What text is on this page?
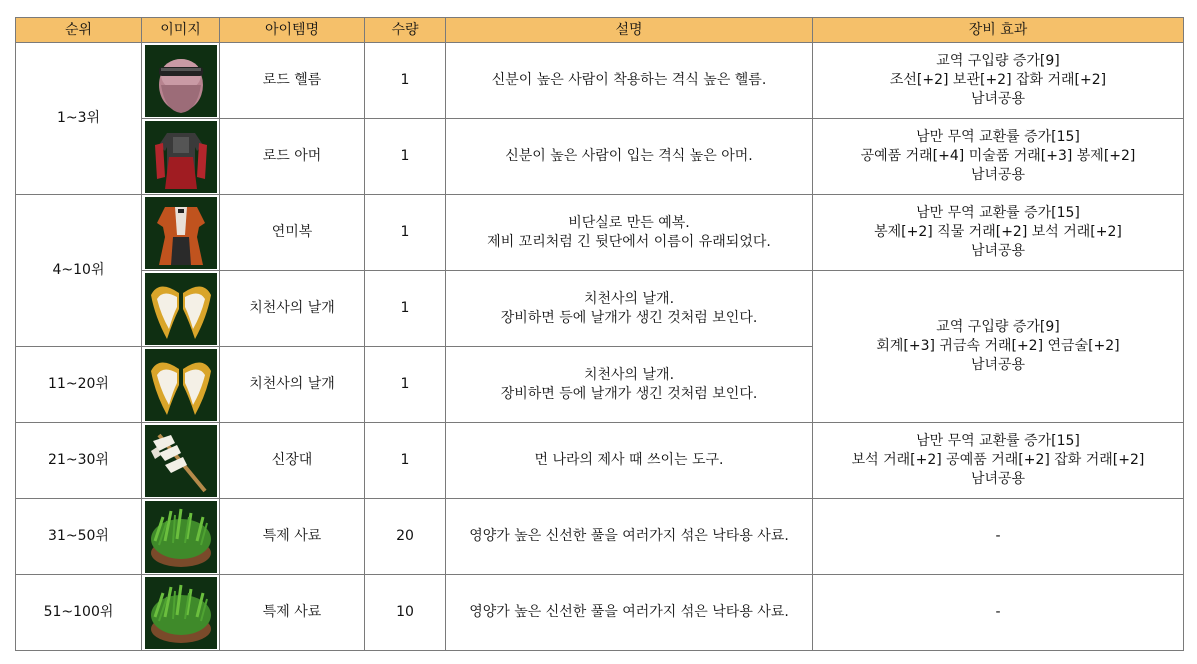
순위	이미지	아이템명	수량	설명	장비 효과
1~3위		로드 헬름	1	신분이 높은 사람이 착용하는 격식 높은 헬름.	교역 구입량 증가[9]
조선[+2] 보관[+2] 잡화 거래[+2]
남녀공용

	로드 아머	1	신분이 높은 사람이 입는 격식 높은 아머.	남만 무역 교환률 증가[15]
공예품 거래[+4] 미술품 거래[+3] 봉제[+2]
남녀공용

4~10위		연미복	1	비단실로 만든 예복.
제비 꼬리처럼 긴 뒷단에서 이름이 유래되었다.	남만 무역 교환률 증가[15]
봉제[+2] 직물 거래[+2] 보석 거래[+2]
남녀공용

	치천사의 날개	1	치천사의 날개.
장비하면 등에 날개가 생긴 것처럼 보인다.	교역 구입량 증가[9]
회계[+3] 귀금속 거래[+2] 연금술[+2]
남녀공용

11~20위		치천사의 날개	1	치천사의 날개.
장비하면 등에 날개가 생긴 것처럼 보인다.	

21~30위		신장대	1	먼 나라의 제사 때 쓰이는 도구.	남만 무역 교환률 증가[15]
보석 거래[+2] 공예품 거래[+2] 잡화 거래[+2]
남녀공용

31~50위		특제 사료	20	영양가 높은 신선한 풀을 여러가지 섞은 낙타용 사료.	-
51~100위		특제 사료	10	영양가 높은 신선한 풀을 여러가지 섞은 낙타용 사료.	-
